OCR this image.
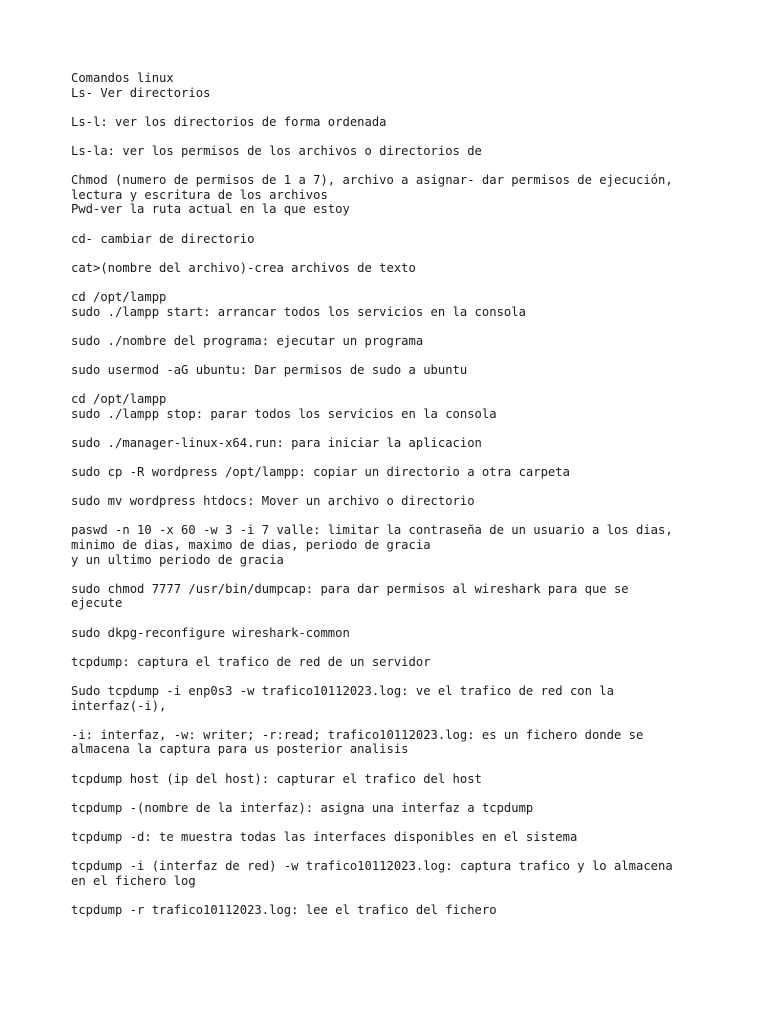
Comandos linux
Ls- Ver directorios
Ls-l: ver los directorios de forma ordenada
Ls-la: ver los permisos de los archivos o directorios de
Chmod (numero de permisos de 1 a 7), archivo a asignar- dar permisos de ejecución,
lectura y escritura de los archivos
Pwd-ver la ruta actual en la que estoy
cd- cambiar de directorio
cat>(nombre del archivo)-crea archivos de texto
cd /opt/lampp
sudo ./lampp start: arrancar todos los servicios en la consola
sudo ./nombre del programa: ejecutar un programa
sudo usermod -aG ubuntu: Dar permisos de sudo a ubuntu
cd /opt/lampp
sudo ./lampp stop: parar todos los servicios en la consola
sudo ./manager-linux-x64.run: para iniciar la aplicacion
sudo cp -R wordpress /opt/lampp: copiar un directorio a otra carpeta
sudo mv wordpress htdocs: Mover un archivo o directorio
paswd -n 10 -x 60 -w 3 -i 7 valle: limitar la contraseña de un usuario a los dias,
minimo de dias, maximo de dias, periodo de gracia
y un ultimo periodo de gracia
sudo chmod 7777 /usr/bin/dumpcap: para dar permisos al wireshark para que se
ejecute
sudo dkpg-reconfigure wireshark-common
tcpdump: captura el trafico de red de un servidor
Sudo tcpdump -i enp0s3 -w trafico10112023.log: ve el trafico de red con la
interfaz(-i),
-i: interfaz, -w: writer; -r:read; trafico10112023.log: es un fichero donde se
almacena la captura para us posterior analisis
tcpdump host (ip del host): capturar el trafico del host
tcpdump -(nombre de la interfaz): asigna una interfaz a tcpdump
tcpdump -d: te muestra todas las interfaces disponibles en el sistema
tcpdump -i (interfaz de red) -w trafico10112023.log: captura trafico y lo almacena
en el fichero log
tcpdump -r trafico10112023.log: lee el trafico del fichero
